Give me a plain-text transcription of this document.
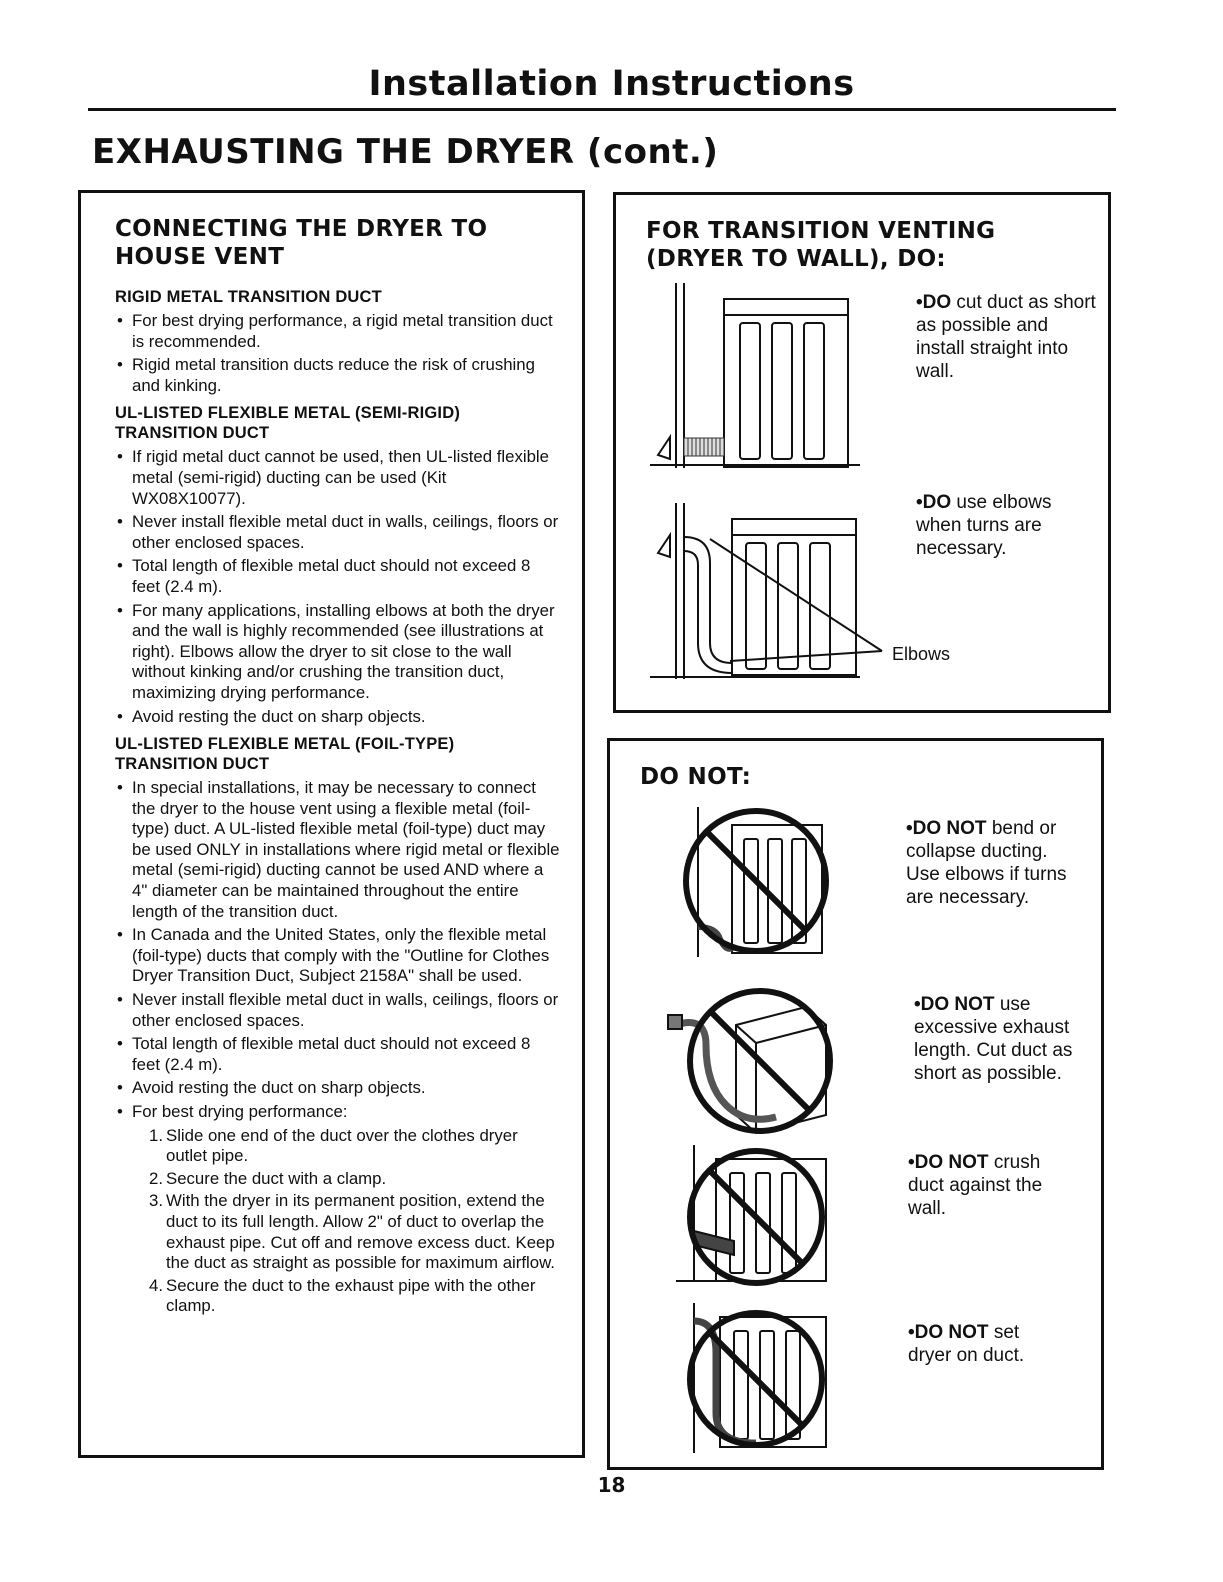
Installation Instructions
EXHAUSTING THE DRYER (cont.)
CONNECTING THE DRYER TO
HOUSE VENT
RIGID METAL TRANSITION DUCT
• For best drying performance, a rigid metal transition duct is recommended.
• Rigid metal transition ducts reduce the risk of crushing and kinking.
UL-LISTED FLEXIBLE METAL (SEMI-RIGID)
TRANSITION DUCT
• If rigid metal duct cannot be used, then UL-listed flexible metal (semi-rigid) ducting can be used (Kit WX08X10077).
• Never install flexible metal duct in walls, ceilings, floors or other enclosed spaces.
• Total length of flexible metal duct should not exceed 8 feet (2.4 m).
• For many applications, installing elbows at both the dryer and the wall is highly recommended (see illustrations at right). Elbows allow the dryer to sit close to the wall without kinking and/or crushing the transition duct, maximizing drying performance.
• Avoid resting the duct on sharp objects.
UL-LISTED FLEXIBLE METAL (FOIL-TYPE)
TRANSITION DUCT
• In special installations, it may be necessary to connect the dryer to the house vent using a flexible metal (foil-type) duct. A UL-listed flexible metal (foil-type) duct may be used ONLY in installations where rigid metal or flexible metal (semi-rigid) ducting cannot be used AND where a 4" diameter can be maintained throughout the entire length of the transition duct.
• In Canada and the United States, only the flexible metal (foil-type) ducts that comply with the "Outline for Clothes Dryer Transition Duct, Subject 2158A" shall be used.
• Never install flexible metal duct in walls, ceilings, floors or other enclosed spaces.
• Total length of flexible metal duct should not exceed 8 feet (2.4 m).
• Avoid resting the duct on sharp objects.
• For best drying performance:
1. Slide one end of the duct over the clothes dryer outlet pipe.
2. Secure the duct with a clamp.
3. With the dryer in its permanent position, extend the duct to its full length. Allow 2" of duct to overlap the exhaust pipe. Cut off and remove excess duct. Keep the duct as straight as possible for maximum airflow.
4. Secure the duct to the exhaust pipe with the other clamp.
FOR TRANSITION VENTING
(DRYER TO WALL), DO:
Elbows
•DO cut duct as short as possible and install straight into wall.
•DO use elbows when turns are necessary.
DO NOT:
•DO NOT bend or collapse ducting. Use elbows if turns are necessary.
•DO NOT use excessive exhaust length. Cut duct as short as possible.
•DO NOT crush duct against the wall.
•DO NOT set dryer on duct.
18
